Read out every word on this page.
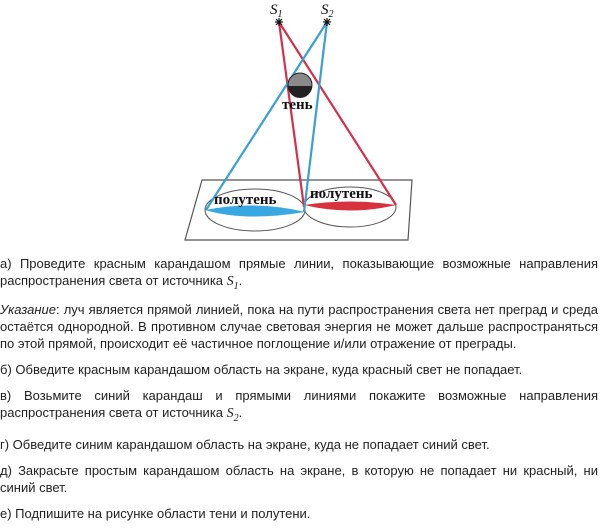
$S_1$	$S_2$
тень
полутень полутень

а) Проведите красным карандашом прямые линии, показывающие возможные направления распространения света от источника $S_1$.

Указание: луч является прямой линией, пока на пути распространения света нет преград и среда остаётся однородной. В противном случае световая энергия не может дальше распространяться по этой прямой, происходит её частичное поглощение и/или отражение от преграды.

б) Обведите красным карандашом область на экране, куда красный свет не попадает.

в) Возьмите синий карандаш и прямыми линиями покажите возможные направления распространения света от источника $S_2$.

г) Обведите синим карандашом область на экране, куда не попадает синий свет.

д) Закрасьте простым карандашом область на экране, в которую не попадает ни красный, ни синий свет.

е) Подпишите на рисунке области тени и полутени.
